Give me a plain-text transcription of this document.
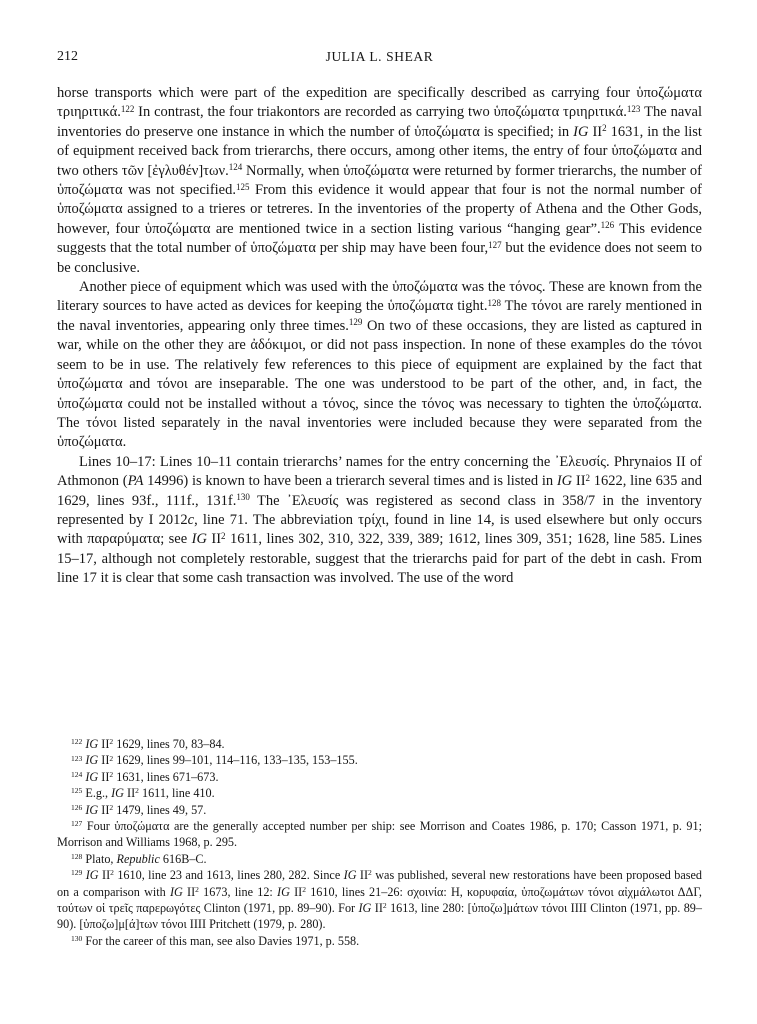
212	JULIA L. SHEAR

horse transports which were part of the expedition are specifically described as carrying four ὑποζώματα τριηριτικά.$^{122}$ In contrast, the four triakontors are recorded as carrying two ὑποζώματα τριηριτικά.$^{123}$ The naval inventories do preserve one instance in which the number of ὑποζώματα is specified; in IG $II^2$ 1631, in the list of equipment received back from trierarchs, there occurs, among other items, the entry of four ὑποζώματα and two others τῶν [ἐγλυθέν]των.$^{124}$ Normally, when ὑποζώματα were returned by former trierarchs, the number of ὑποζώματα was not specified.$^{125}$ From this evidence it would appear that four is not the normal number of ὑποζώματα assigned to a trieres or tetreres. In the inventories of the property of Athena and the Other Gods, however, four ὑποζώματα are mentioned twice in a section listing various “hanging gear”.$^{126}$ This evidence suggests that the total number of ὑποζώματα per ship may have been four,$^{127}$ but the evidence does not seem to be conclusive.

Another piece of equipment which was used with the ὑποζώματα was the τόνος. These are known from the literary sources to have acted as devices for keeping the ὑποζώματα tight.$^{128}$ The τόνοι are rarely mentioned in the naval inventories, appearing only three times.$^{129}$ On two of these occasions, they are listed as captured in war, while on the other they are ἀδόκιμοι, or did not pass inspection. In none of these examples do the τόνοι seem to be in use. The relatively few references to this piece of equipment are explained by the fact that ὑποζώματα and τόνοι are inseparable. The one was understood to be part of the other, and, in fact, the ὑποζώματα could not be installed without a τόνος, since the τόνος was necessary to tighten the ὑποζώματα. The τόνοι listed separately in the naval inventories were included because they were separated from the ὑποζώματα.

Lines 10–17: Lines 10–11 contain trierarchs’ names for the entry concerning the ᾿Ελευσίς. Phrynaios II of Athmonon (PA 14996) is known to have been a trierarch several times and is listed in IG $II^2$ 1622, line 635 and 1629, lines 93f., 111f., 131f.$^{130}$ The ᾿Ελευσίς was registered as second class in 358/7 in the inventory represented by I 2012c, line 71. The abbreviation τρίχι, found in line 14, is used elsewhere but only occurs with παραρύματα; see IG $II^2$ 1611, lines 302, 310, 322, 339, 389; 1612, lines 309, 351; 1628, line 585. Lines 15–17, although not completely restorable, suggest that the trierarchs paid for part of the debt in cash. From line 17 it is clear that some cash transaction was involved. The use of the word

$^{122}$ IG $II^2$ 1629, lines 70, 83–84.

$^{123}$ IG $II^2$ 1629, lines 99–101, 114–116, 133–135, 153–155.

$^{124}$ IG $II^2$ 1631, lines 671–673.

$^{125}$ E.g., IG $II^2$ 1611, line 410.

$^{126}$ IG $II^2$ 1479, lines 49, 57.

$^{127}$ Four ὑποζώματα are the generally accepted number per ship: see Morrison and Coates 1986, p. 170; Casson 1971, p. 91; Morrison and Williams 1968, p. 295.

$^{128}$ Plato, Republic 616B–C.

$^{129}$ IG $II^2$ 1610, line 23 and 1613, lines 280, 282. Since IG $II^2$ was published, several new restorations have been proposed based on a comparison with IG $II^2$ 1673, line 12: IG $II^2$ 1610, lines 21–26: σχοινία: Η, κορυφαία, ὑποζωμάτων τόνοι αἰχμάλωτοι ΔΔΓ, τούτων οἱ τρεῖς παρερωγότες Clinton (1971, pp. 89–90). For IG $II^2$ 1613, line 280: [ὑποζω]μάτων τόνοι ΙΙΙΙ Clinton (1971, pp. 89–90). [ὑποζω]μ[ά]των τόνοι ΙΙΙΙ Pritchett (1979, p. 280).

$^{130}$ For the career of this man, see also Davies 1971, p. 558.
